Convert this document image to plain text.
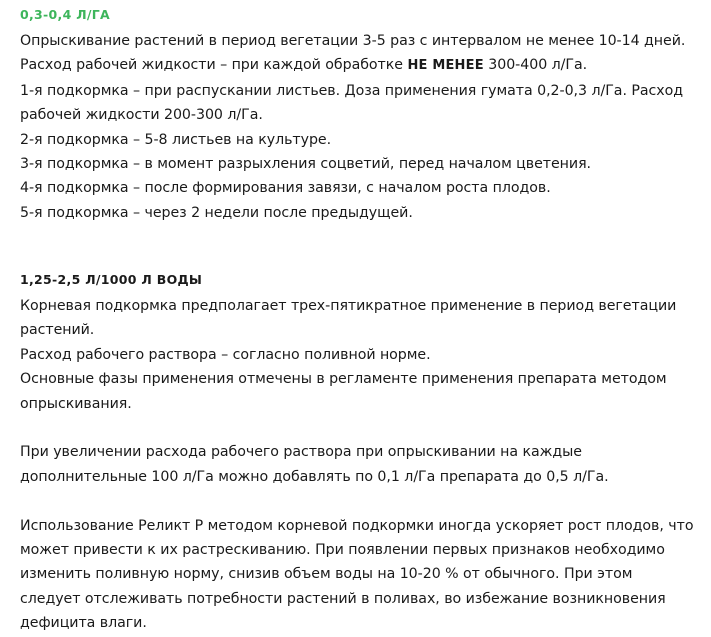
0,3-0,4 Л/ГА

Опрыскивание растений в период вегетации 3-5 раз с интервалом не менее 10-14 дней.

Расход рабочей жидкости – при каждой обработке НЕ МЕНЕЕ 300-400 л/Га.

1-я подкормка – при распускании листьев. Доза применения гумата 0,2-0,3 л/Га. Расход рабочей жидкости 200-300 л/Га.

2-я подкормка – 5-8 листьев на культуре.

3-я подкормка – в момент разрыхления соцветий, перед началом цветения.

4-я подкормка – после формирования завязи, с началом роста плодов.

5-я подкормка – через 2 недели после предыдущей.

1,25-2,5 Л/1000 Л ВОДЫ

Корневая подкормка предполагает трех-пятикратное применение в период вегетации растений.

Расход рабочего раствора – согласно поливной норме.

Основные фазы применения отмечены в регламенте применения препарата методом опрыскивания.

При увеличении расхода рабочего раствора при опрыскивании на каждые дополнительные 100 л/Га можно добавлять по 0,1 л/Га препарата до 0,5 л/Га.

Использование Реликт Р методом корневой подкормки иногда ускоряет рост плодов, что может привести к их растрескиванию. При появлении первых признаков необходимо изменить поливную норму, снизив объем воды на 10-20 % от обычного. При этом следует отслеживать потребности растений в поливах, во избежание возникновения дефицита влаги.
